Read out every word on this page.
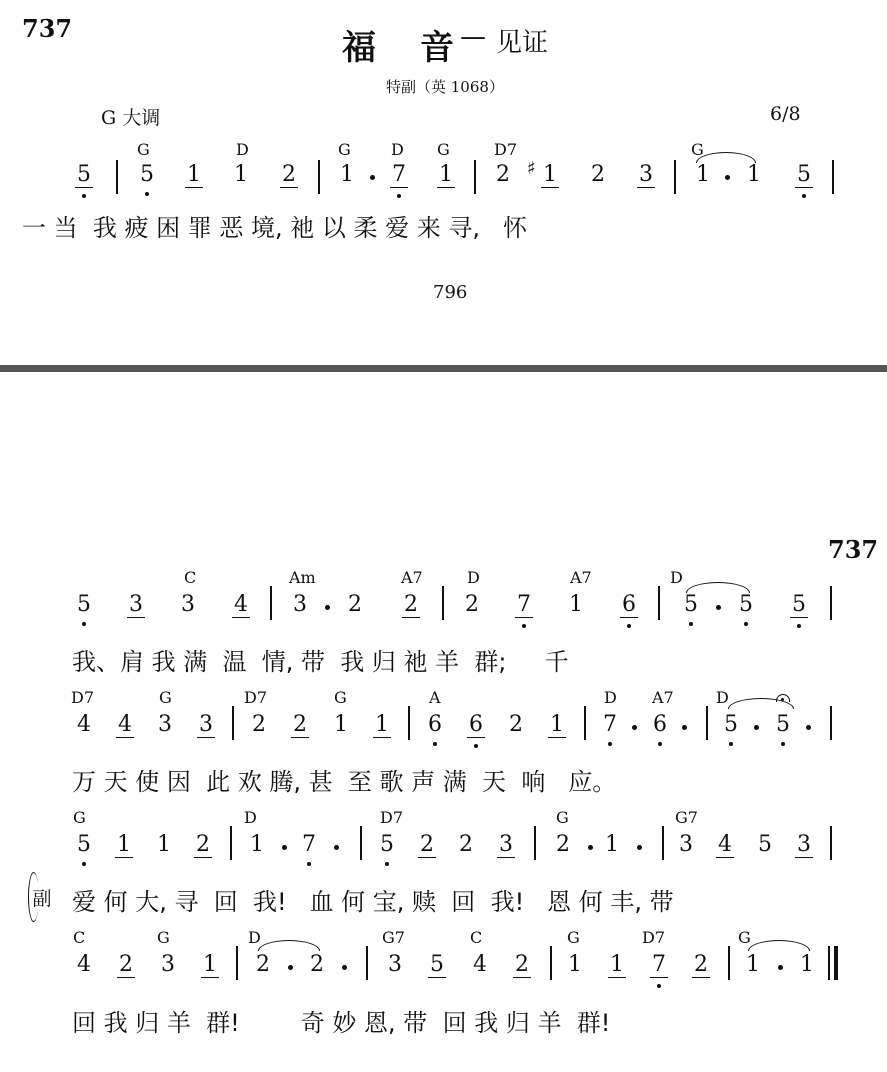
737	福 音 — 见证
特副（英 1068）
G 大调	6/8
G	D	G	D G	D7	G
5 5 1 1 2 1 7 1 2 ♯ 1 2 3 1 1 5
一 当  我 疲 困 罪 恶 境, 祂 以 柔 爱 来 寻,   怀
796
737
C	Am	A7	D	A7	D
5 3 3 4 3 2 2 2 7 1 6 5 5 5
我、肩 我 满  温  情, 带  我 归 祂 羊  群;     千
D7	G	D7	G	A	D A7	D
4 4 3 3 2 2 1 1 6 6 2 1 7 6	5 5
万 天 使 因  此 欢 腾, 甚  至 歌 声 满  天  响   应。
G	D	D7	G	G7
5 1 1 2 1 7	5 2 2 3 2 1	3 4 5 3
副 爱 何 大, 寻  回  我!   血 何 宝, 赎  回  我!   恩 何 丰, 带
C	G	D	G7	C	G	D7	G
4 2 3 1 2 2	3 5 4 2 1 1 7 2 1 1
回 我 归 羊  群!        奇 妙 恩, 带  回 我 归 羊  群!
